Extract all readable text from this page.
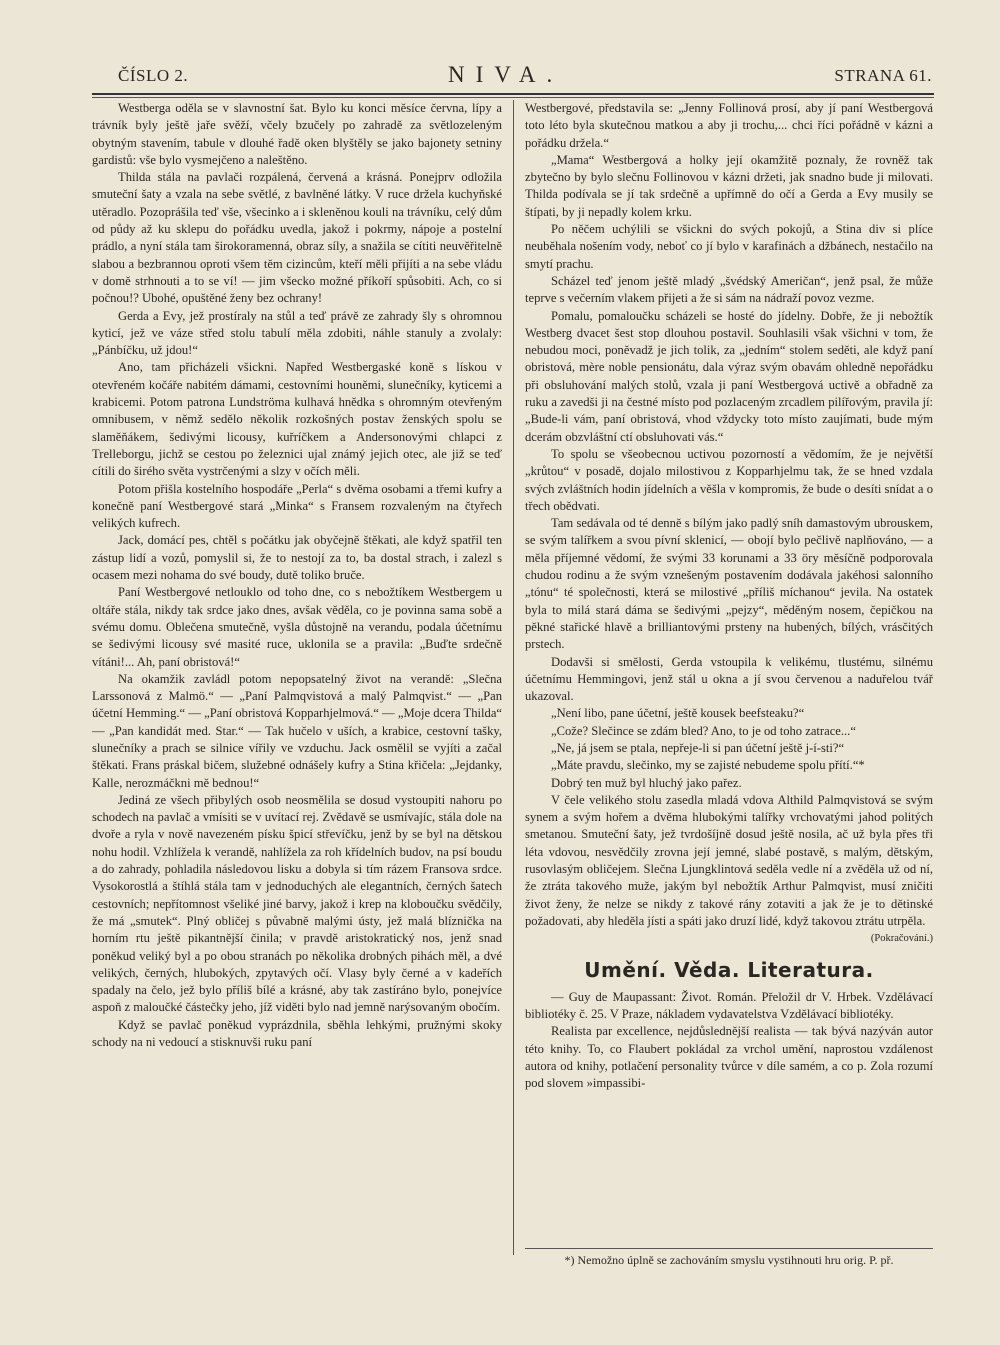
ČÍSLO 2.	NIVA.	STRANA 61.

Westberga oděla se v slavnostní šat. Bylo ku konci měsíce června, lípy a trávník byly ještě jaře svěží, včely bzučely po zahradě za světlozeleným obytným stavením, tabule v dlouhé řadě oken blyštěly se jako bajonety setniny gardistů: vše bylo vysmejčeno a naleštěno.

Thilda stála na pavlači rozpálená, červená a krásná. Ponejprv odložila smuteční šaty a vzala na sebe světlé, z bavlněné látky. V ruce držela kuchyňské utěradlo. Pozoprášila teď vše, všecinko a i skleněnou kouli na trávníku, celý dům od půdy až ku sklepu do pořádku uvedla, jakož i pokrmy, nápoje a postelní prádlo, a nyní stála tam širokoramenná, obraz síly, a snažila se cítiti neuvěřitelně slabou a bezbrannou oproti všem těm cizincům, kteří měli přijíti a na sebe vládu v domě strhnouti a to se ví! — jim všecko možné příkoří spůsobiti. Ach, co si počnou!? Ubohé, opuštěné ženy bez ochrany!

Gerda a Evy, jež prostíraly na stůl a teď právě ze zahrady šly s ohromnou kyticí, jež ve váze střed stolu tabulí měla zdobiti, náhle stanuly a zvolaly: „Pánbíčku, už jdou!“

Ano, tam přicházeli všickni. Napřed Westbergaské koně s lískou v otevřeném kočáře nabitém dámami, cestovními houněmi, slunečníky, kyticemi a krabicemi. Potom patrona Lundströma kulhavá hnědka s ohromným otevřeným omnibusem, v němž sedělo několik rozkošných postav ženských spolu se slaměňákem, šedivými licousy, kuřríčkem a Andersonovými chlapci z Trelleborgu, jichž se cestou po železnici ujal známý jejich otec, ale již se teď cítili do širého světa vystrčenými a slzy v očích měli.

Potom přišla kostelního hospodáře „Perla“ s dvěma osobami a třemi kufry a konečně paní Westbergové stará „Minka“ s Fransem rozvaleným na čtyřech velikých kufrech.

Jack, domácí pes, chtěl s počátku jak obyčejně štěkati, ale když spatřil ten zástup lidí a vozů, pomyslil si, že to nestojí za to, ba dostal strach, i zalezl s ocasem mezi nohama do své boudy, dutě toliko bruče.

Paní Westbergové netlouklo od toho dne, co s nebožtíkem Westbergem u oltáře stála, nikdy tak srdce jako dnes, avšak věděla, co je povinna sama sobě a svému domu. Oblečena smutečně, vyšla důstojně na verandu, podala účetnímu se šedivými licousy své masité ruce, uklonila se a pravila: „Buďte srdečně vítáni!... Ah, paní obristová!“

Na okamžik zavládl potom nepopsatelný život na verandě: „Slečna Larssonová z Malmö.“ — „Paní Palmqvistová a malý Palmqvist.“ — „Pan účetní Hemming.“ — „Paní obristová Kopparhjelmová.“ — „Moje dcera Thilda“ — „Pan kandidát med. Star.“ — Tak hučelo v uších, a krabice, cestovní tašky, slunečníky a prach se silnice vířily ve vzduchu. Jack osmělil se vyjíti a začal štěkati. Frans práskal bičem, služebné odnášely kufry a Stina křičela: „Jejdanky, Kalle, nerozmáčkni mě bednou!“

Jediná ze všech přibylých osob neosmělila se dosud vystoupiti nahoru po schodech na pavlač a vmísiti se v uvítací rej. Zvědavě se usmívajíc, stála dole na dvoře a ryla v nově navezeném písku špicí střevíčku, jenž by se byl na dětskou nohu hodil. Vzhlížela k verandě, nahlížela za roh křídelních budov, na psí boudu a do zahrady, pohladila následovou lisku a dobyla si tím rázem Fransova srdce. Vysokorostlá a štíhlá stála tam v jednoduchých ale elegantních, černých šatech cestovních; nepřítomnost všeliké jiné barvy, jakož i krep na kloboučku svědčily, že má „smutek“. Plný obličej s půvabně malými ústy, jež malá blíznička na horním rtu ještě pikantnější činila; v pravdě aristokratický nos, jenž snad poněkud veliký byl a po obou stranách po několika drobných pihách měl, a dvé velikých, černých, hlubokých, zpytavých očí. Vlasy byly černé a v kadeřích spadaly na čelo, jež bylo příliš bílé a krásné, aby tak zastíráno bylo, ponejvíce aspoň z maloučké částečky jeho, jíž viděti bylo nad jemně narýsovaným obočím.

Když se pavlač poněkud vyprázdnila, sběhla lehkými, pružnými skoky schody na ni vedoucí a stisknuvši ruku paní

Westbergové, představila se: „Jenny Follinová prosí, aby jí paní Westbergová toto léto byla skutečnou matkou a aby ji trochu,... chci říci pořádně v kázni a pořádku držela.“

„Mama“ Westbergová a holky její okamžitě poznaly, že rovněž tak zbytečno by bylo slečnu Follinovou v kázni držeti, jak snadno bude ji milovati. Thilda podívala se jí tak srdečně a upřímně do očí a Gerda a Evy musily se štípati, by ji nepadly kolem krku.

Po něčem uchýlili se všickni do svých pokojů, a Stina div si plíce neuběhala nošením vody, neboť co jí bylo v karafinách a džbánech, nestačilo na smytí prachu.

Scházel teď jenom ještě mladý „švédský Američan“, jenž psal, že může teprve s večerním vlakem přijeti a že si sám na nádraží povoz vezme.

Pomalu, pomaloučku scházeli se hosté do jídelny. Dobře, že ji nebožtík Westberg dvacet šest stop dlouhou postavil. Souhlasili však všichni v tom, že nebudou moci, poněvadž je jich tolik, za „jedním“ stolem seděti, ale když paní obristová, mère noble pensionátu, dala výraz svým obavám ohledně nepořádku při obsluhování malých stolů, vzala ji paní Westbergová uctivě a obřadně za ruku a zavedši ji na čestné místo pod pozlaceným zrcadlem pilířovým, pravila jí: „Bude-li vám, paní obristová, vhod vždycky toto místo zaujímati, bude mým dcerám obzvláštní ctí obsluhovati vás.“

To spolu se všeobecnou uctivou pozorností a vědomím, že je největší „krůtou“ v posadě, dojalo milostivou z Kopparhjelmu tak, že se hned vzdala svých zvláštních hodin jídelních a věšla v kompromis, že bude o desíti snídat a o třech obědvati.

Tam sedávala od té denně s bílým jako padlý sníh damastovým ubrouskem, se svým talířkem a svou pívní sklenicí, — obojí bylo pečlivě naplňováno, — a měla příjemné vědomí, že svými 33 korunami a 33 öry měsíčně podporovala chudou rodinu a že svým vznešeným postavením dodávala jakéhosi salonního „tónu“ té společnosti, která se milostivé „příliš míchanou“ jevila. Na ostatek byla to milá stará dáma se šedivými „pejzy“, měděným nosem, čepičkou na pěkné stařické hlavě a brilliantovými prsteny na hubených, bílých, vrásčitých prstech.

Dodavši si smělosti, Gerda vstoupila k velikému, tlustému, silnému účetnímu Hemmingovi, jenž stál u okna a jí svou červenou a naduřelou tvář ukazoval.

„Není libo, pane účetní, ještě kousek beefsteaku?“

„Cože? Slečince se zdám bled? Ano, to je od toho zatrace...“

„Ne, já jsem se ptala, nepřeje-li si pan účetní ještě j-í-sti?“

„Máte pravdu, slečinko, my se zajisté nebudeme spolu přítí.“*

Dobrý ten muž byl hluchý jako pařez.

V čele velikého stolu zasedla mladá vdova Althild Palmqvistová se svým synem a svým hořem a dvěma hlubokými talířky vrchovatými jahod politých smetanou. Smuteční šaty, jež tvrdošíjně dosud ještě nosila, ač už byla přes tři léta vdovou, nesvědčily zrovna její jemné, slabé postavě, s malým, dětským, rusovlasým obličejem. Slečna Ljungklintová seděla vedle ní a zvěděla už od ní, že ztráta takového muže, jakým byl nebožtík Arthur Palmqvist, musí zničiti život ženy, že nelze se nikdy z takové rány zotaviti a jak že je to dětinské požadovati, aby hleděla jísti a spáti jako druzí lidé, když takovou ztrátu utrpěla.

(Pokračování.)

Umění. Věda. Literatura.

— Guy de Maupassant: Život. Román. Přeložil dr V. Hrbek. Vzdělávací bibliotéky č. 25. V Praze, nákladem vydavatelstva Vzdělávací bibliotéky.

Realista par excellence, nejdůslednější realista — tak bývá nazýván autor této knihy. To, co Flaubert pokládal za vrchol umění, naprostou vzdálenost autora od knihy, potlačení personality tvůrce v díle samém, a co p. Zola rozumí pod slovem »impassibi-

*) Nemožno úplně se zachováním smyslu vystihnouti hru orig. P. př.
